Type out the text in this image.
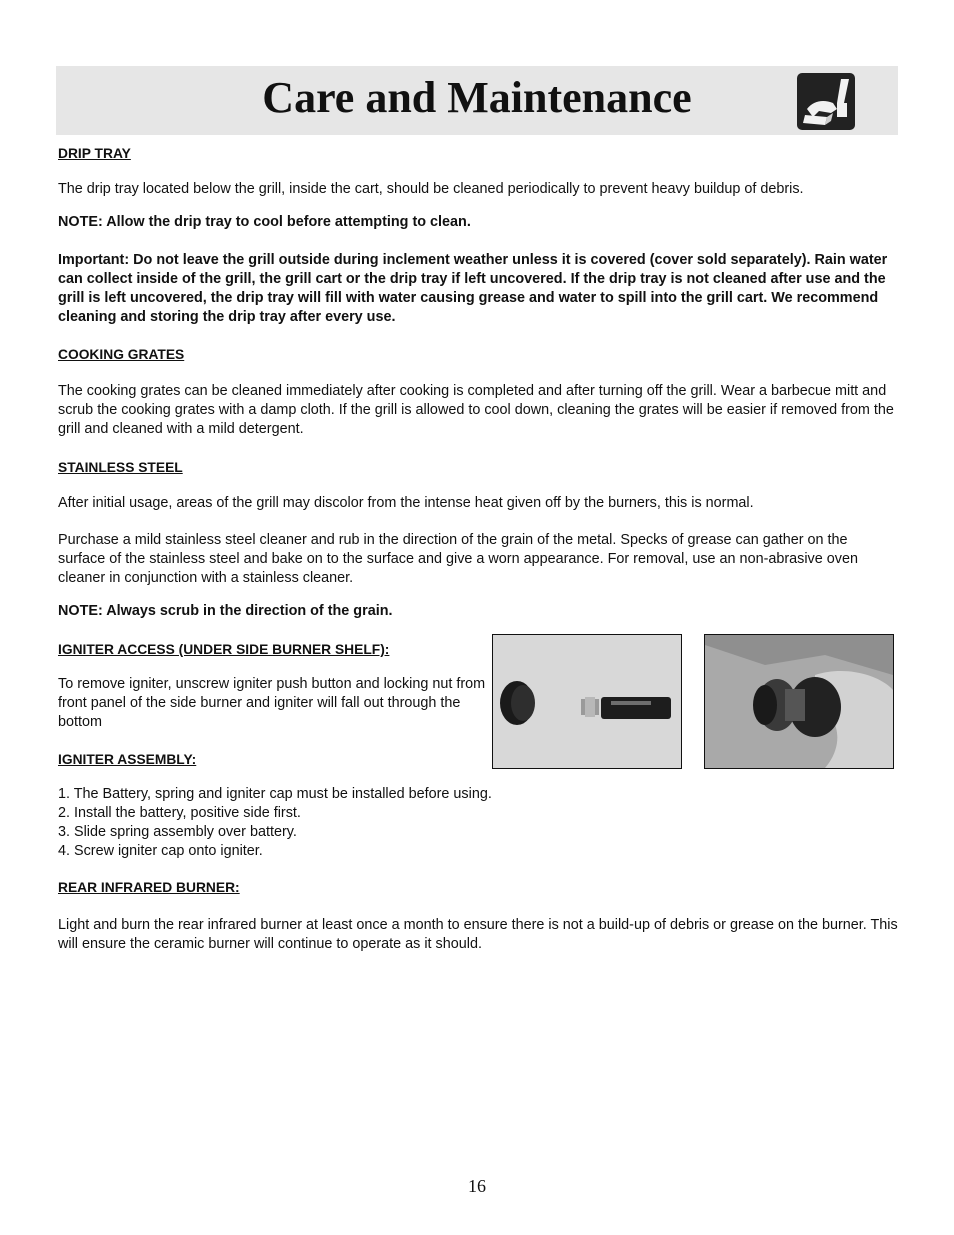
Care and Maintenance

DRIP TRAY

The drip tray located below the grill, inside the cart, should be cleaned periodically to prevent heavy buildup of debris.

NOTE: Allow the drip tray to cool before attempting to clean.

Important: Do not leave the grill outside during inclement weather unless it is covered (cover sold separately). Rain water can collect inside of the grill, the grill cart or the drip tray if left uncovered. If the drip tray is not cleaned after use and the grill is left uncovered, the drip tray will fill with water causing grease and water to spill into the grill cart. We recommend cleaning and storing the drip tray after every use.

COOKING GRATES

The cooking grates can be cleaned immediately after cooking is completed and after turning off the grill. Wear a barbecue mitt and scrub the cooking grates with a damp cloth. If the grill is allowed to cool down, cleaning the grates will be easier if removed from the grill and cleaned with a mild detergent.

STAINLESS STEEL

After initial usage, areas of the grill may discolor from the intense heat given off by the burners, this is normal.

Purchase a mild stainless steel cleaner and rub in the direction of the grain of the metal. Specks of grease can gather on the surface of the stainless steel and bake on to the surface and give a worn appearance. For removal, use an non-abrasive oven cleaner in conjunction with a stainless cleaner.

NOTE: Always scrub in the direction of the grain.

IGNITER ACCESS (UNDER SIDE BURNER SHELF):

To remove igniter, unscrew igniter push button and locking nut from front panel of the side burner and igniter will fall out through the bottom

IGNITER ASSEMBLY:

1. The Battery, spring and igniter cap must be installed before using.
2. Install the battery, positive side first.
3. Slide spring assembly over battery.
4. Screw igniter cap onto igniter.

REAR INFRARED BURNER:

Light and burn the rear infrared burner at least once a month to ensure there is not a build-up of debris or grease on the burner. This will ensure the ceramic burner will continue to operate as it should.

16
